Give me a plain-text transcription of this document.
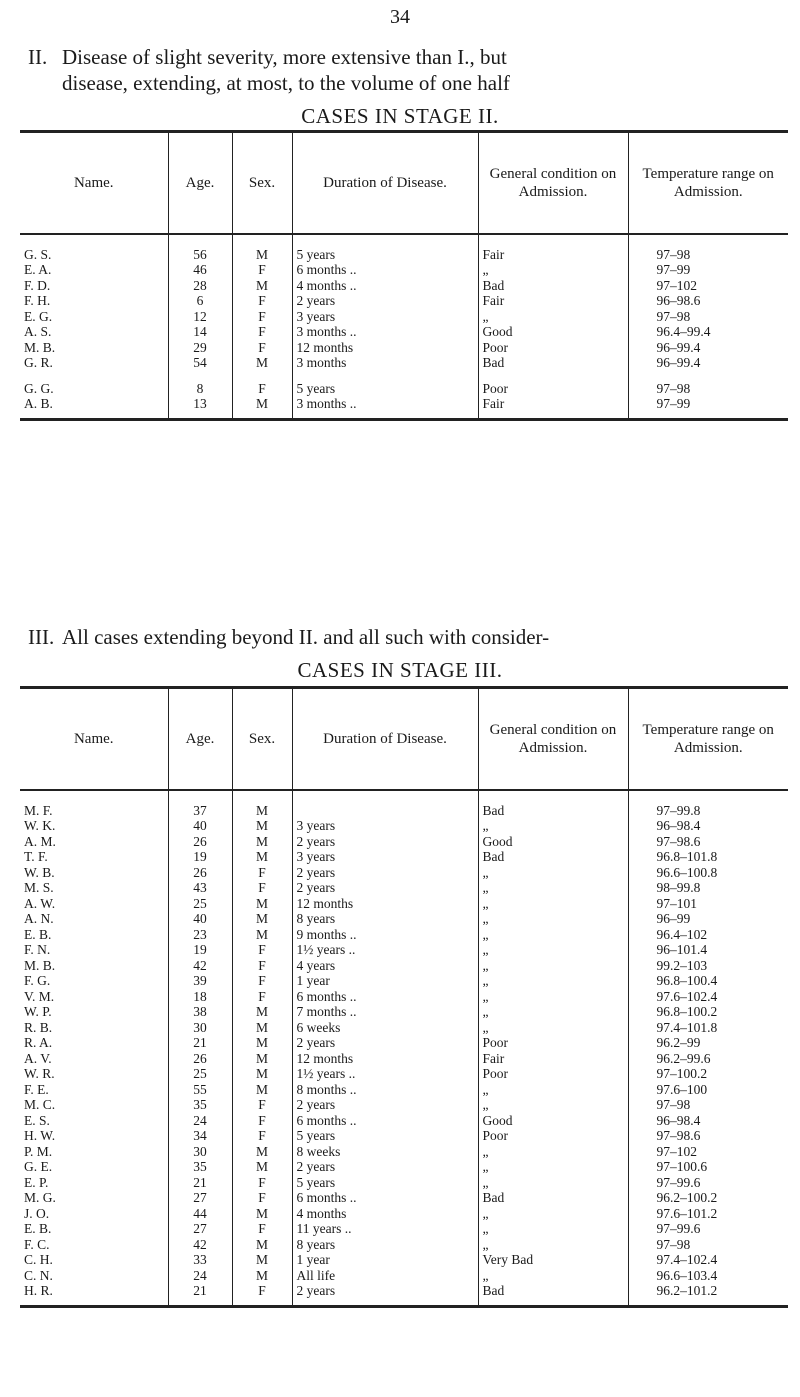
34
II. Disease of slight severity, more extensive than I., but
disease, extending, at most, to the volume of one half
CASES IN STAGE II.
Name.	Age.	Sex.	Duration of Disease.	General condition on Admission.	Temperature range on Admission.
G. S.	56	M	5 years	Fair	97–98
E. A.	46	F	6 months ..	„	97–99
F. D.	28	M	4 months ..	Bad	97–102
F. H.	6	F	2 years	Fair	96–98.6
E. G.	12	F	3 years	„	97–98
A. S.	14	F	3 months ..	Good	96.4–99.4
M. B.	29	F	12 months	Poor	96–99.4
G. R.	54	M	3 months	Bad	96–99.4
G. G.	8	F	5 years	Poor	97–98
A. B.	13	M	3 months ..	Fair	97–99

III. All cases extending beyond II. and all such with consider-
CASES IN STAGE III.
Name.	Age.	Sex.	Duration of Disease.	General condition on Admission.	Temperature range on Admission.
M. F.	37	M		Bad	97–99.8
W. K.	40	M	3 years	„	96–98.4
A. M.	26	M	2 years	Good	97–98.6
T. F.	19	M	3 years	Bad	96.8–101.8
W. B.	26	F	2 years	„	96.6–100.8
M. S.	43	F	2 years	„	98–99.8
A. W.	25	M	12 months	„	97–101
A. N.	40	M	8 years	„	96–99
E. B.	23	M	9 months ..	„	96.4–102
F. N.	19	F	1½ years ..	„	96–101.4
M. B.	42	F	4 years	„	99.2–103
F. G.	39	F	1 year	„	96.8–100.4
V. M.	18	F	6 months ..	„	97.6–102.4
W. P.	38	M	7 months ..	„	96.8–100.2
R. B.	30	M	6 weeks	„	97.4–101.8
R. A.	21	M	2 years	Poor	96.2–99
A. V.	26	M	12 months	Fair	96.2–99.6
W. R.	25	M	1½ years ..	Poor	97–100.2
F. E.	55	M	8 months ..	„	97.6–100
M. C.	35	F	2 years	„	97–98
E. S.	24	F	6 months ..	Good	96–98.4
H. W.	34	F	5 years	Poor	97–98.6
P. M.	30	M	8 weeks	„	97–102
G. E.	35	M	2 years	„	97–100.6
E. P.	21	F	5 years	„	97–99.6
M. G.	27	F	6 months ..	Bad	96.2–100.2
J. O.	44	M	4 months	„	97.6–101.2
E. B.	27	F	11 years ..	„	97–99.6
F. C.	42	M	8 years	„	97–98
C. H.	33	M	1 year	Very Bad	97.4–102.4
C. N.	24	M	All life	„	96.6–103.4
H. R.	21	F	2 years	Bad	96.2–101.2
